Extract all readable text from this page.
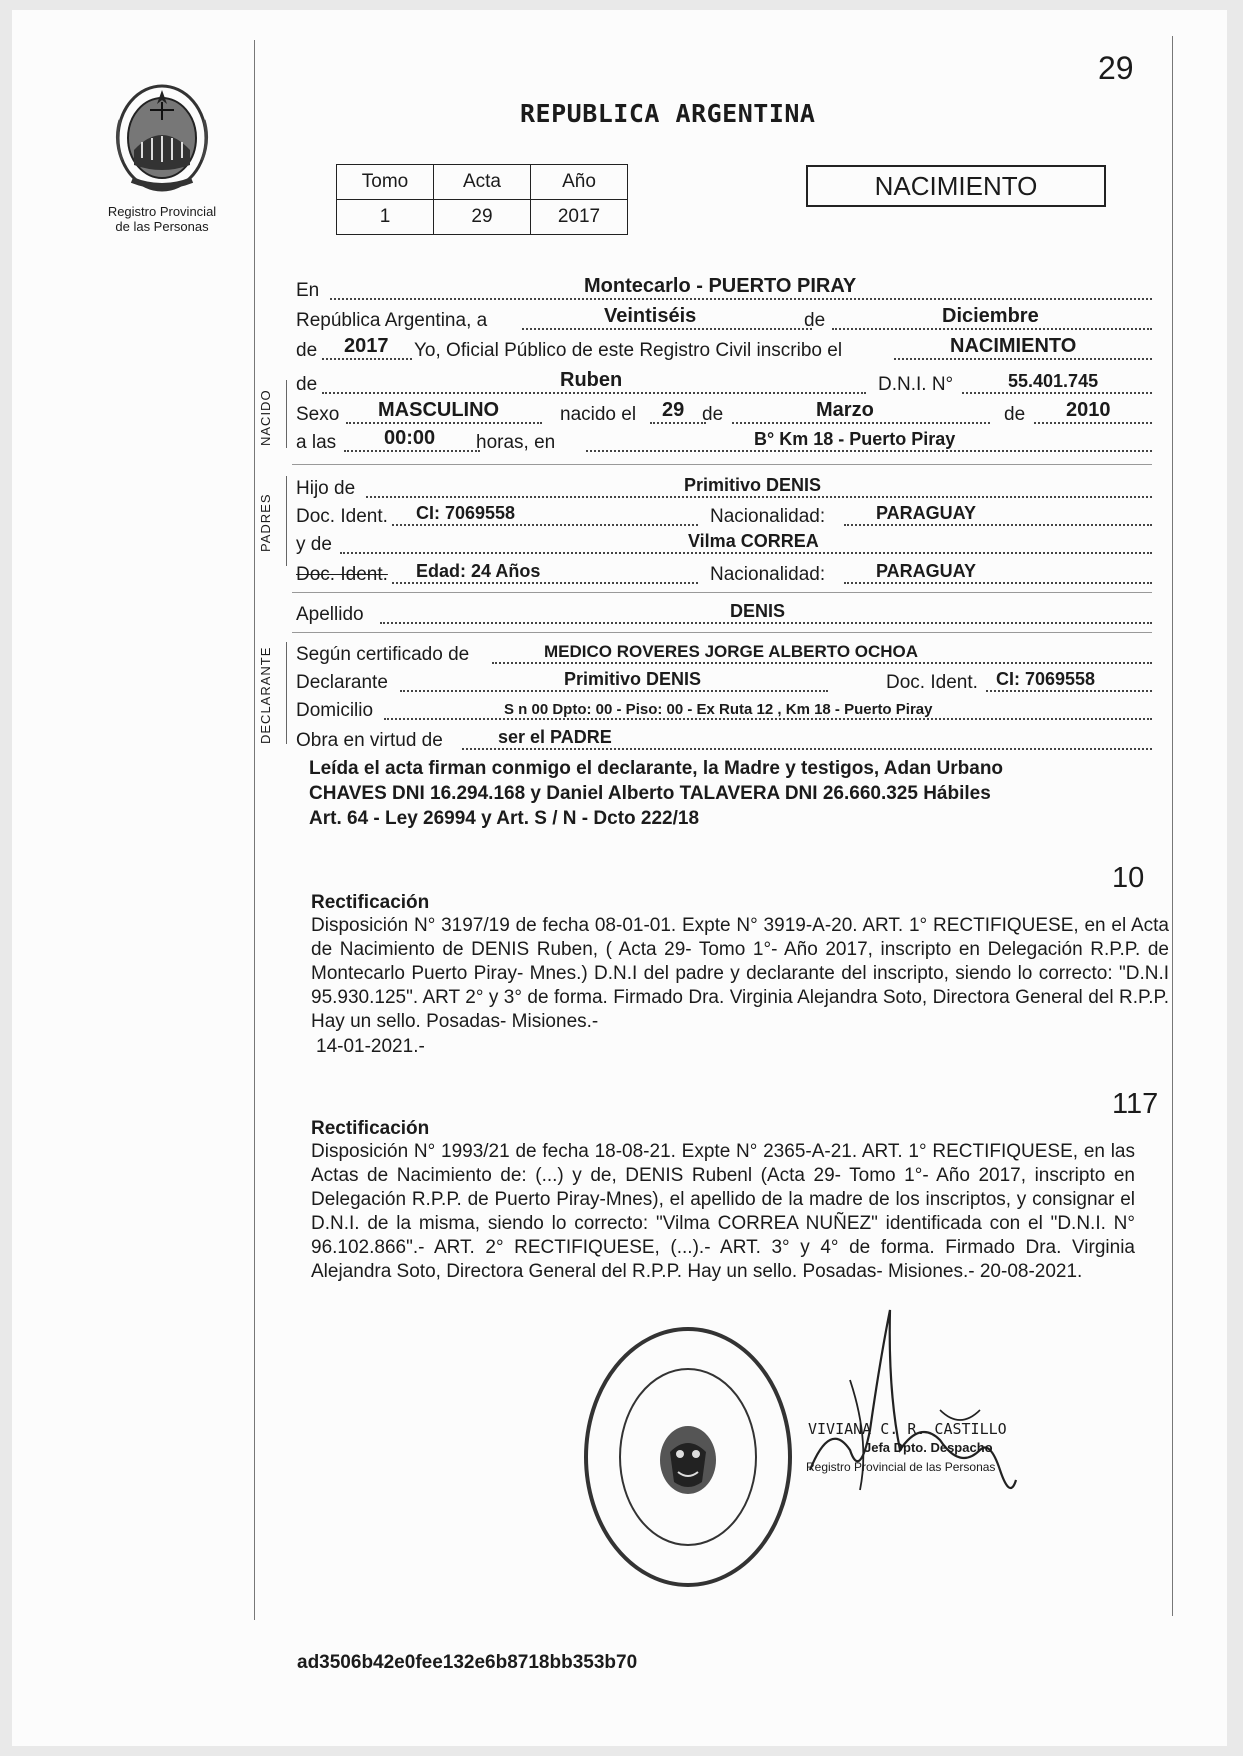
Registro Provincial
de las Personas
29
REPUBLICA ARGENTINA
Tomo	Acta	Año
1	29	2017
NACIMIENTO
NACIDO
PADRES
DECLARANTE
En	Montecarlo - PUERTO PIRAY
República Argentina, a	Veintiséis	de	Diciembre
de 2017 Yo, Oficial Público de este Registro Civil inscribo el	NACIMIENTO
de	Ruben	D.N.I. N°	55.401.745
Sexo MASCULINO	nacido el 29 de	Marzo	de 2010
a las 00:00 horas, en	B° Km 18 - Puerto Piray
Hijo de	Primitivo DENIS
Doc. Ident. CI: 7069558	Nacionalidad:	PARAGUAY
y de	Vilma CORREA
Doc. Ident. Edad: 24 Años	Nacionalidad:	PARAGUAY
Apellido	DENIS
Según certificado de	MEDICO ROVERES JORGE ALBERTO OCHOA
Declarante	Primitivo DENIS	Doc. Ident. CI: 7069558
Domicilio	S n 00 Dpto: 00 - Piso: 00 - Ex Ruta 12 , Km 18 - Puerto Piray
Obra en virtud de	ser el PADRE
Leída el acta firman conmigo el declarante, la Madre y testigos, Adan Urbano
CHAVES DNI 16.294.168 y Daniel Alberto TALAVERA DNI 26.660.325 Hábiles
Art. 64 - Ley 26994 y Art. S / N - Dcto 222/18
10
Rectificación
Disposición N° 3197/19 de fecha 08-01-01. Expte N° 3919-A-20. ART. 1° RECTIFIQUESE, en el Acta de Nacimiento de DENIS Ruben, ( Acta 29- Tomo 1°- Año 2017, inscripto en Delegación R.P.P. de Montecarlo Puerto Piray- Mnes.) D.N.I del padre y declarante del inscripto, siendo lo correcto: "D.N.I 95.930.125". ART 2° y 3° de forma. Firmado Dra. Virginia Alejandra Soto, Directora General del R.P.P. Hay un sello. Posadas- Misiones.-
14-01-2021.-
117
Rectificación
Disposición N° 1993/21 de fecha 18-08-21. Expte N° 2365-A-21. ART. 1° RECTIFIQUESE, en las Actas de Nacimiento de: (...) y de, DENIS Rubenl (Acta 29- Tomo 1°- Año 2017, inscripto en Delegación R.P.P. de Puerto Piray-Mnes), el apellido de la madre de los inscriptos, y consignar el D.N.I. de la misma, siendo lo correcto: "Vilma CORREA NUÑEZ" identificada con el "D.N.I. N° 96.102.866".- ART. 2° RECTIFIQUESE, (...).- ART. 3° y 4° de forma. Firmado Dra. Virginia Alejandra Soto, Directora General del R.P.P. Hay un sello. Posadas- Misiones.- 20-08-2021.
VIVIANA C. R. CASTILLO
Jefa Dpto. Despacho
Registro Provincial de las Personas
ad3506b42e0fee132e6b8718bb353b70
